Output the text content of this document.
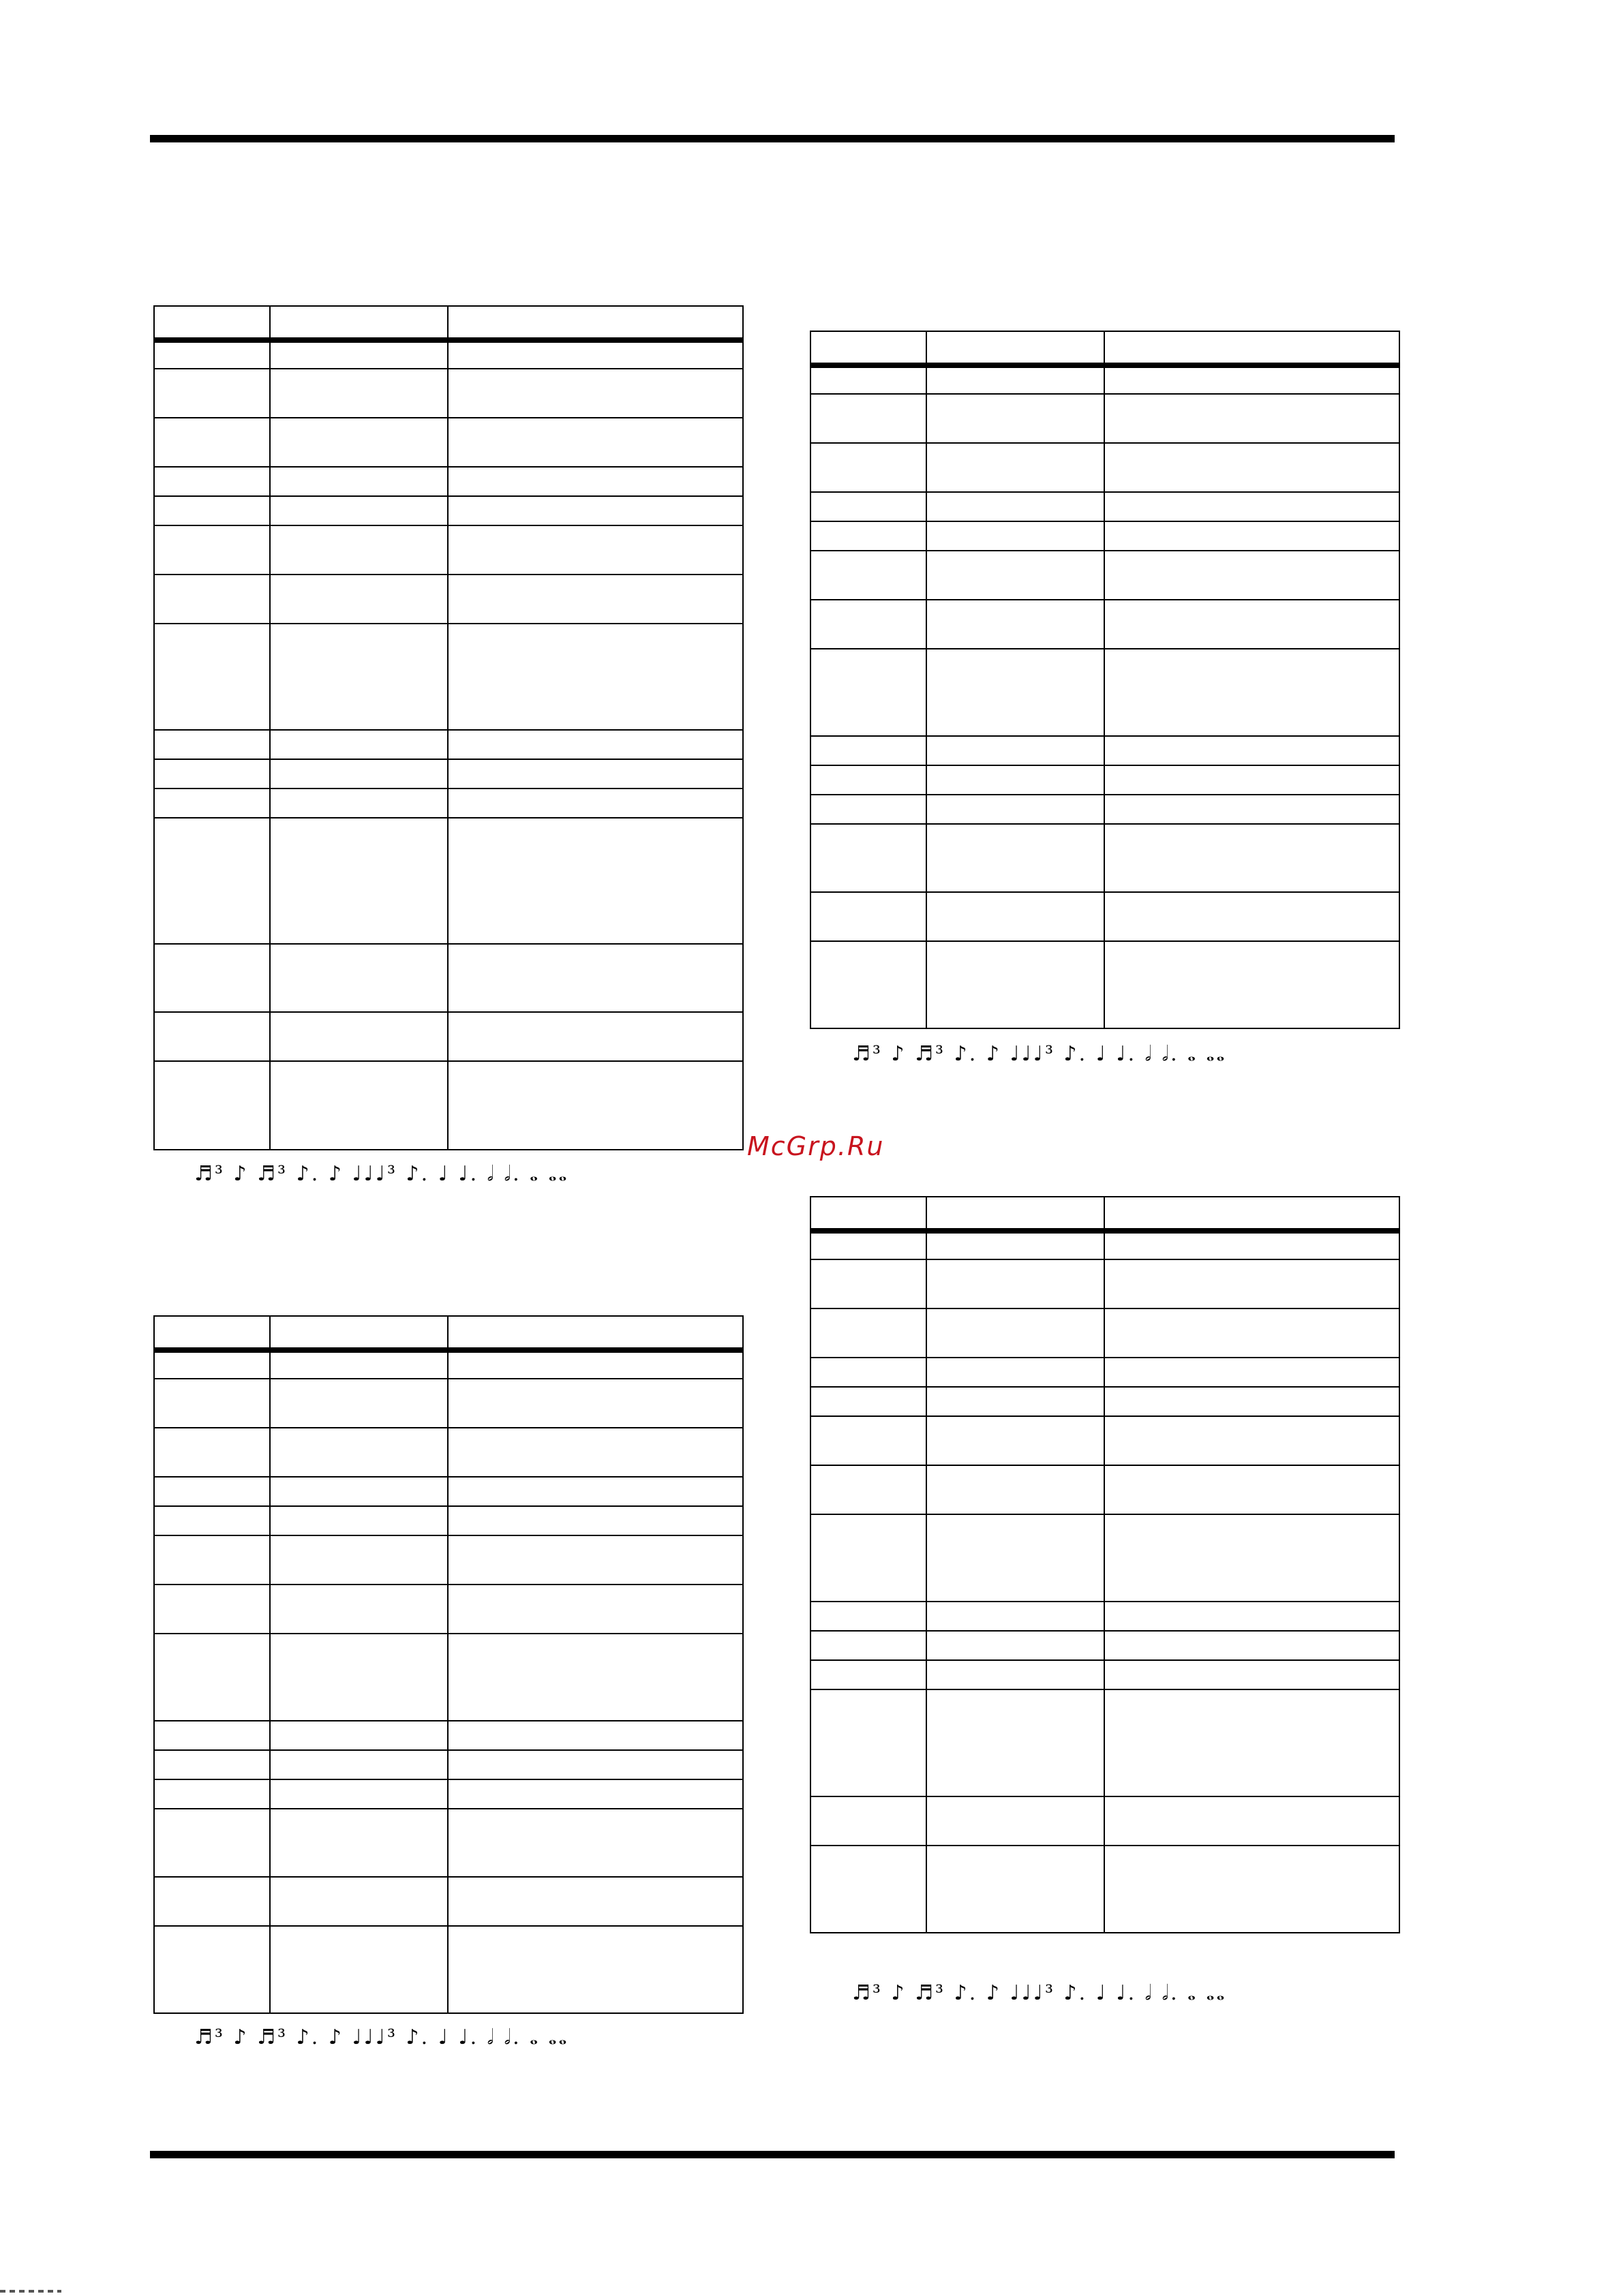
♬³ ♪ ♬³ ♪. ♪ ♩♩♩³ ♪. ♩ ♩. 𝅗𝅥 𝅗𝅥. 𝅝 𝅝𝅝

♬³ ♪ ♬³ ♪. ♪ ♩♩♩³ ♪. ♩ ♩. 𝅗𝅥 𝅗𝅥. 𝅝 𝅝𝅝

♬³ ♪ ♬³ ♪. ♪ ♩♩♩³ ♪. ♩ ♩. 𝅗𝅥 𝅗𝅥. 𝅝 𝅝𝅝
McGrp.Ru

♬³ ♪ ♬³ ♪. ♪ ♩♩♩³ ♪. ♩ ♩. 𝅗𝅥 𝅗𝅥. 𝅝 𝅝𝅝
